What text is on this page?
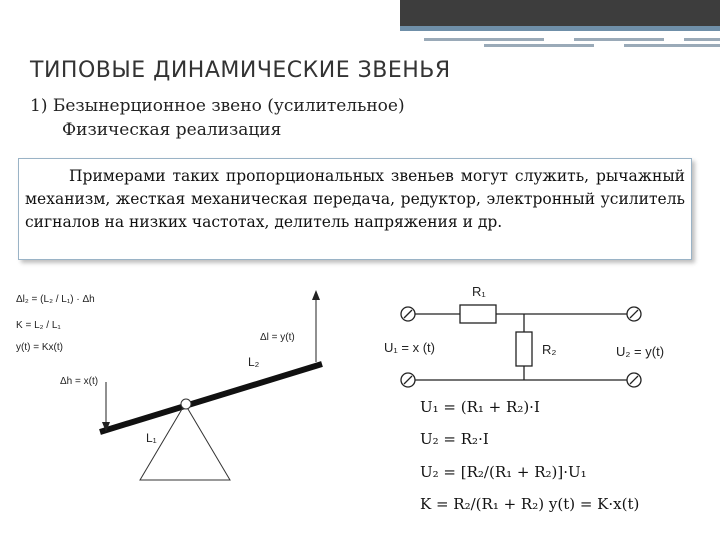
ТИПОВЫЕ ДИНАМИЧЕСКИЕ ЗВЕНЬЯ
1) Безынерционное звено (усилительное)
Физическая реализация

Примерами таких пропорциональных звеньев могут служить, рычажный механизм, жесткая механическая передача, редуктор, электронный усилитель сигналов на низких частотах, делитель напряжения и др.

Δl₂ = (L₂ / L₁) · Δh
K = L₂ / L₁
y(t) = Kx(t)
Δl = y(t)
Δh = x(t)
L₂
L₁
R₁
R₂
U₁ = x (t)	U₂ = y(t)
U₁ = (R₁ + R₂)·I
U₂ = R₂·I
U₂ = [R₂/(R₁ + R₂)]·U₁
K = R₂/(R₁ + R₂) y(t) = K·x(t)
